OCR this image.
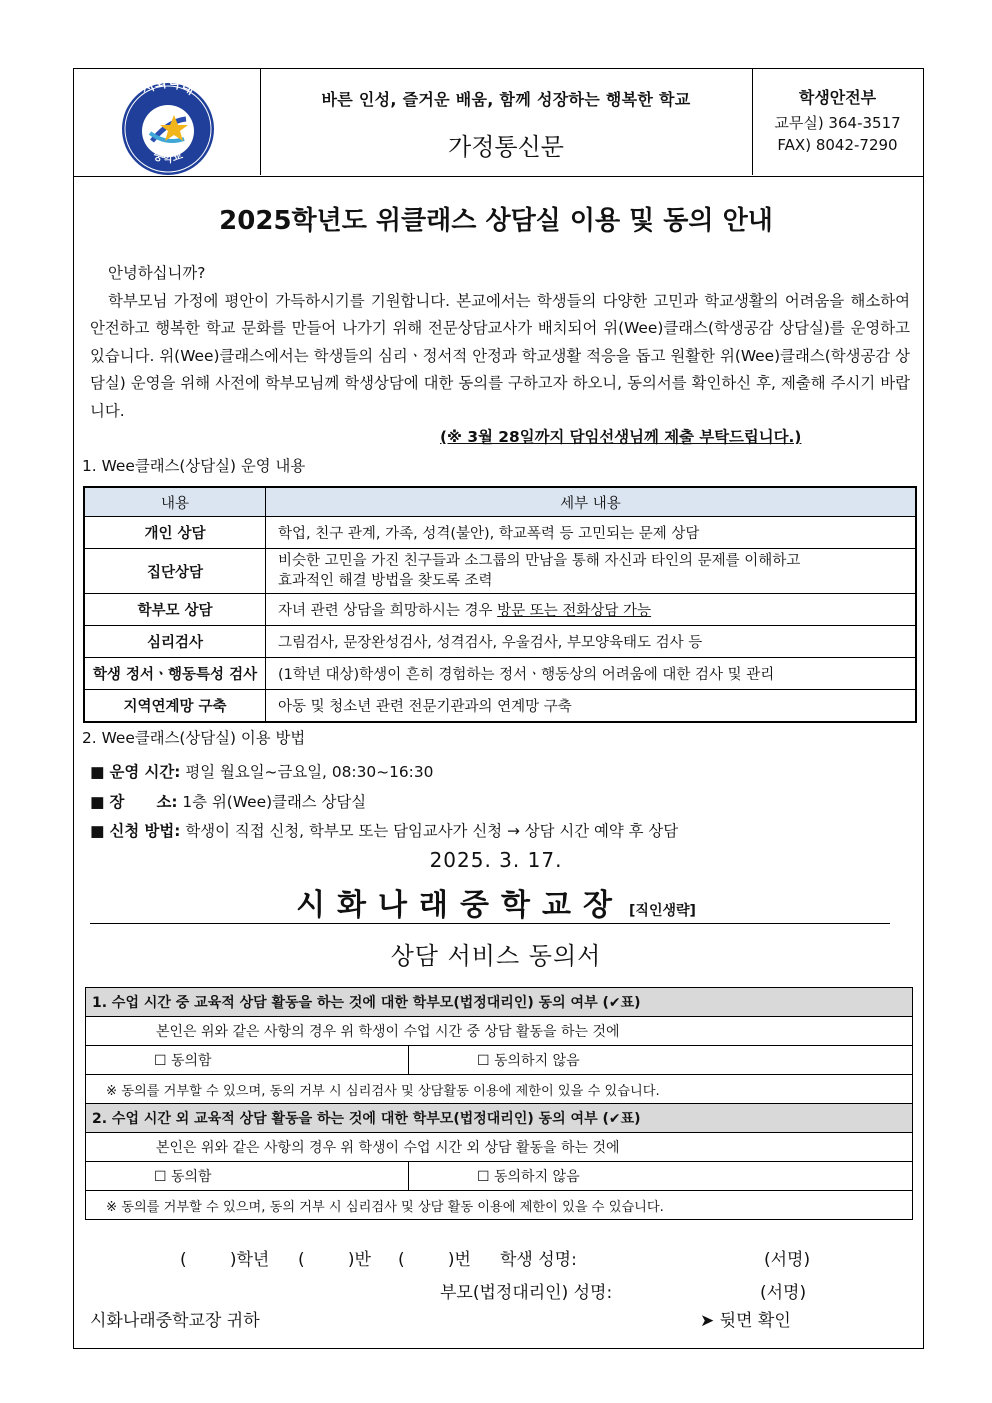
시화나래
중학교
바른 인성, 즐거운 배움, 함께 성장하는 행복한 학교
가정통신문
학생안전부
교무실) 364-3517
FAX) 8042-7290
2025학년도 위클래스 상담실 이용 및 동의 안내

안녕하십니까?

학부모님 가정에 평안이 가득하시기를 기원합니다. 본교에서는 학생들의 다양한 고민과 학교생활의 어려움을 해소하여 안전하고 행복한 학교 문화를 만들어 나가기 위해 전문상담교사가 배치되어 위(Wee)클래스(학생공감 상담실)를 운영하고 있습니다. 위(Wee)클래스에서는 학생들의 심리ㆍ정서적 안정과 학교생활 적응을 돕고 원활한 위(Wee)클래스(학생공감 상담실) 운영을 위해 사전에 학부모님께 학생상담에 대한 동의를 구하고자 하오니, 동의서를 확인하신 후, 제출해 주시기 바랍니다.

(※ 3월 28일까지 담임선생님께 제출 부탁드립니다.)
1. Wee클래스(상담실) 운영 내용
내용	세부 내용
개인 상담	학업, 친구 관계, 가족, 성격(불안), 학교폭력 등 고민되는 문제 상담
집단상담	비슷한 고민을 가진 친구들과 소그룹의 만남을 통해 자신과 타인의 문제를 이해하고
효과적인 해결 방법을 찾도록 조력

학부모 상담	자녀 관련 상담을 희망하시는 경우 방문 또는 전화상담 가능
심리검사	그림검사, 문장완성검사, 성격검사, 우울검사, 부모양육태도 검사 등
학생 정서ㆍ행동특성 검사	(1학년 대상)학생이 흔히 경험하는 정서ㆍ행동상의 어려움에 대한 검사 및 관리
지역연계망 구축	아동 및 청소년 관련 전문기관과의 연계망 구축
2. Wee클래스(상담실) 이용 방법
■ 운영 시간: 평일 월요일~금요일, 08:30~16:30
■ 장      소: 1층 위(Wee)클래스 상담실
■ 신청 방법: 학생이 직접 신청, 학부모 또는 담임교사가 신청 → 상담 시간 예약 후 상담
2025. 3. 17.
시화나래중학교장 [직인생략]
상담 서비스 동의서
1. 수업 시간 중 교육적 상담 활동을 하는 것에 대한 학부모(법정대리인) 동의 여부 (✔표)	
본인은 위와 같은 사항의 경우 위 학생이 수업 시간 중 상담 활동을 하는 것에	
☐ 동의함	☐ 동의하지 않음
※ 동의를 거부할 수 있으며, 동의 거부 시 심리검사 및 상담활동 이용에 제한이 있을 수 있습니다.	
2. 수업 시간 외 교육적 상담 활동을 하는 것에 대한 학부모(법정대리인) 동의 여부 (✔표)	
본인은 위와 같은 사항의 경우 위 학생이 수업 시간 외 상담 활동을 하는 것에	
☐ 동의함	☐ 동의하지 않음
※ 동의를 거부할 수 있으며, 동의 거부 시 심리검사 및 상담 활동 이용에 제한이 있을 수 있습니다.	
(        )학년 (        )반 (        )번 학생 성명:	(서명)
부모(법정대리인) 성명:	(서명)
시화나래중학교장 귀하	➤ 뒷면 확인
